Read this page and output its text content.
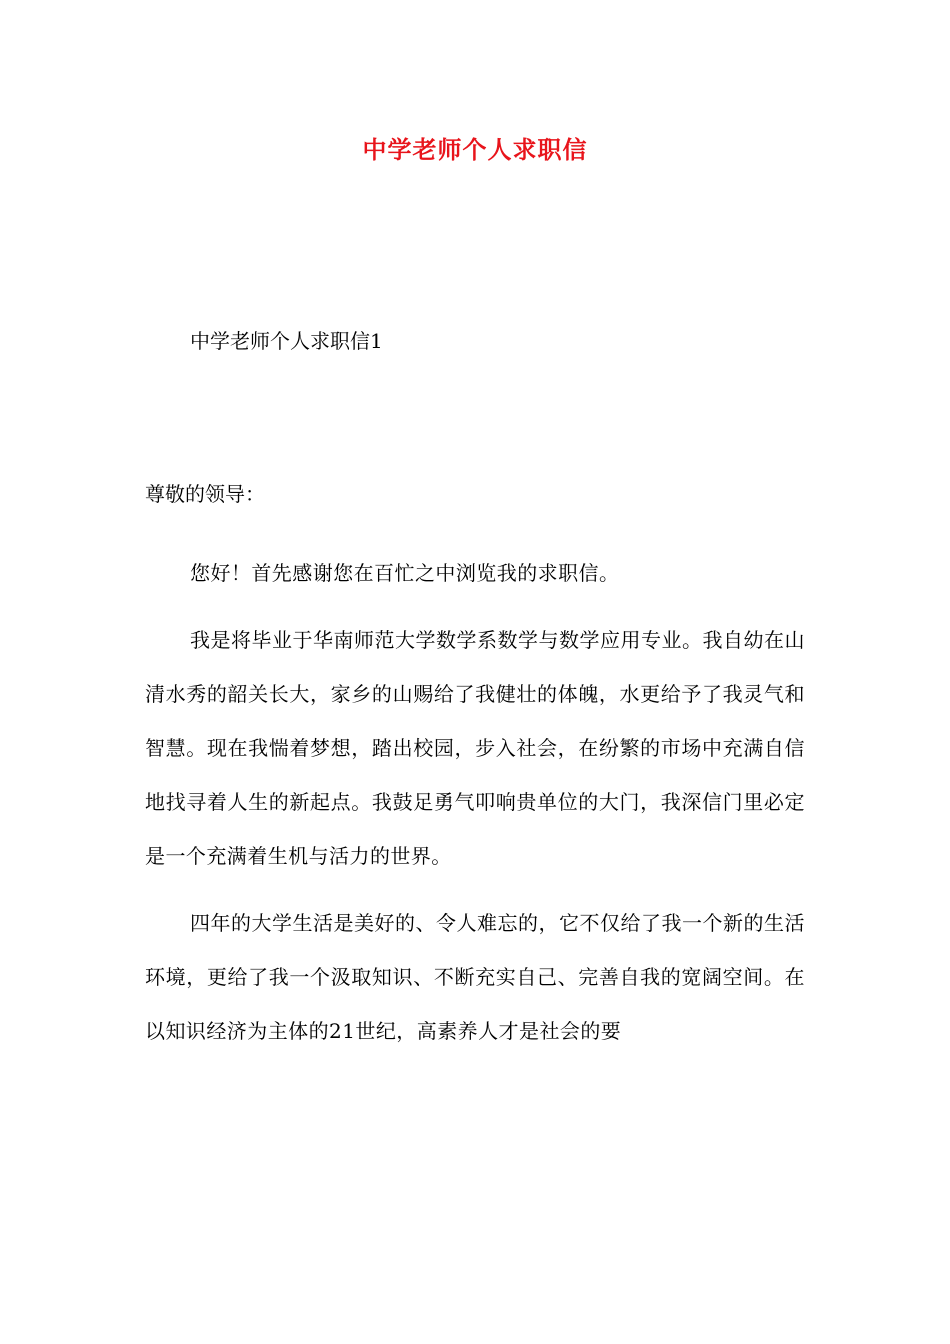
中学老师个人求职信
中学老师个人求职信1
尊敬的领导：

您好！首先感谢您在百忙之中浏览我的求职信。

我是将毕业于华南师范大学数学系数学与数学应用专业。我自幼在山清水秀的韶关长大，家乡的山赐给了我健壮的体魄，水更给予了我灵气和智慧。现在我惴着梦想，踏出校园，步入社会，在纷繁的市场中充满自信地找寻着人生的新起点。我鼓足勇气叩响贵单位的大门，我深信门里必定是一个充满着生机与活力的世界。

四年的大学生活是美好的、令人难忘的，它不仅给了我一个新的生活环境，更给了我一个汲取知识、不断充实自己、完善自我的宽阔空间。在以知识经济为主体的21世纪，高素养人才是社会的要
